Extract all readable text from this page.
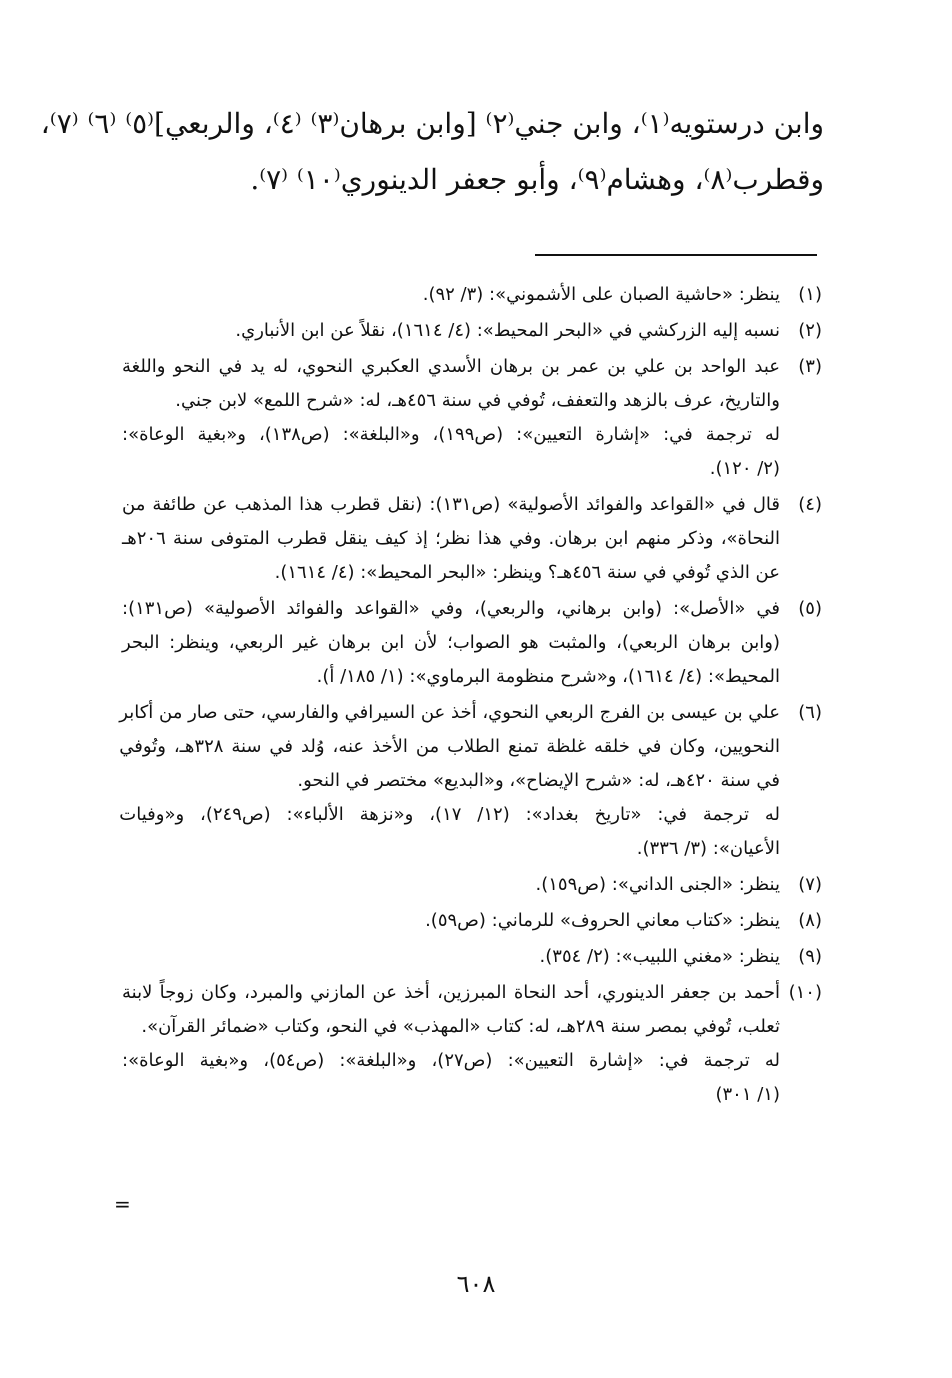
وابن درستويه⁽١⁾، وابن جني⁽٢⁾ [وابن برهان⁽٣⁾ ⁽٤⁾، والربعي]⁽٥⁾ ⁽٦⁾ ⁽٧⁾،
وقطرب⁽٨⁾، وهشام⁽٩⁾، وأبو جعفر الدينوري⁽١٠⁾ ⁽٧⁾.
(١)
ينظر: «حاشية الصبان على الأشموني»: (٣/ ٩٢).
(٢)
نسبه إليه الزركشي في «البحر المحيط»: (٤/ ١٦١٤)، نقلاً عن ابن الأنباري.
(٣)
عبد الواحد بن علي بن عمر بن برهان الأسدي العكبري النحوي، له يد في النحو واللغة
والتاريخ، عرف بالزهد والتعفف، تُوفي في سنة ٤٥٦هـ، له: «شرح اللمع» لابن جني.
له ترجمة في: «إشارة التعيين»: (ص١٩٩)، و«البلغة»: (ص١٣٨)، و«بغية الوعاة»:
(٢/ ١٢٠).
(٤)
قال في «القواعد والفوائد الأصولية» (ص١٣١): (نقل قطرب هذا المذهب عن طائفة من
النحاة»، وذكر منهم ابن برهان. وفي هذا نظر؛ إذ كيف ينقل قطرب المتوفى سنة ٢٠٦هـ
عن الذي تُوفي في سنة ٤٥٦هـ؟ وينظر: «البحر المحيط»: (٤/ ١٦١٤).
(٥)
في «الأصل»: (وابن برهاني، والربعي)، وفي «القواعد والفوائد الأصولية» (ص١٣١):
(وابن برهان الربعي)، والمثبت هو الصواب؛ لأن ابن برهان غير الربعي، وينظر: البحر
المحيط»: (٤/ ١٦١٤)، و«شرح منظومة البرماوي»: (١/ ١٨٥/ أ).
(٦)
علي بن عيسى بن الفرج الربعي النحوي، أخذ عن السيرافي والفارسي، حتى صار من أكابر
النحويين، وكان في خلقه غلظة تمنع الطلاب من الأخذ عنه، وُلد في سنة ٣٢٨هـ، وتُوفي
في سنة ٤٢٠هـ، له: «شرح الإيضاح»، و«البديع» مختصر في النحو.
له ترجمة في: «تاريخ بغداد»: (١٢/ ١٧)، و«نزهة الألباء»: (ص٢٤٩)، و«وفيات
الأعيان»: (٣/ ٣٣٦).
(٧)
ينظر: «الجنى الداني»: (ص١٥٩).
(٨)
ينظر: «كتاب معاني الحروف» للرماني: (ص٥٩).
(٩)
ينظر: «مغني اللبيب»: (٢/ ٣٥٤).
(١٠)
أحمد بن جعفر الدينوري، أحد النحاة المبرزين، أخذ عن المازني والمبرد، وكان زوجاً لابنة
ثعلب، تُوفي بمصر سنة ٢٨٩هـ، له: كتاب «المهذب» في النحو، وكتاب «ضمائر القرآن».
له ترجمة في: «إشارة التعيين»: (ص٢٧)، و«البلغة»: (ص٥٤)، و«بغية الوعاة»:
(١/ ٣٠١)
=
٦٠٨
